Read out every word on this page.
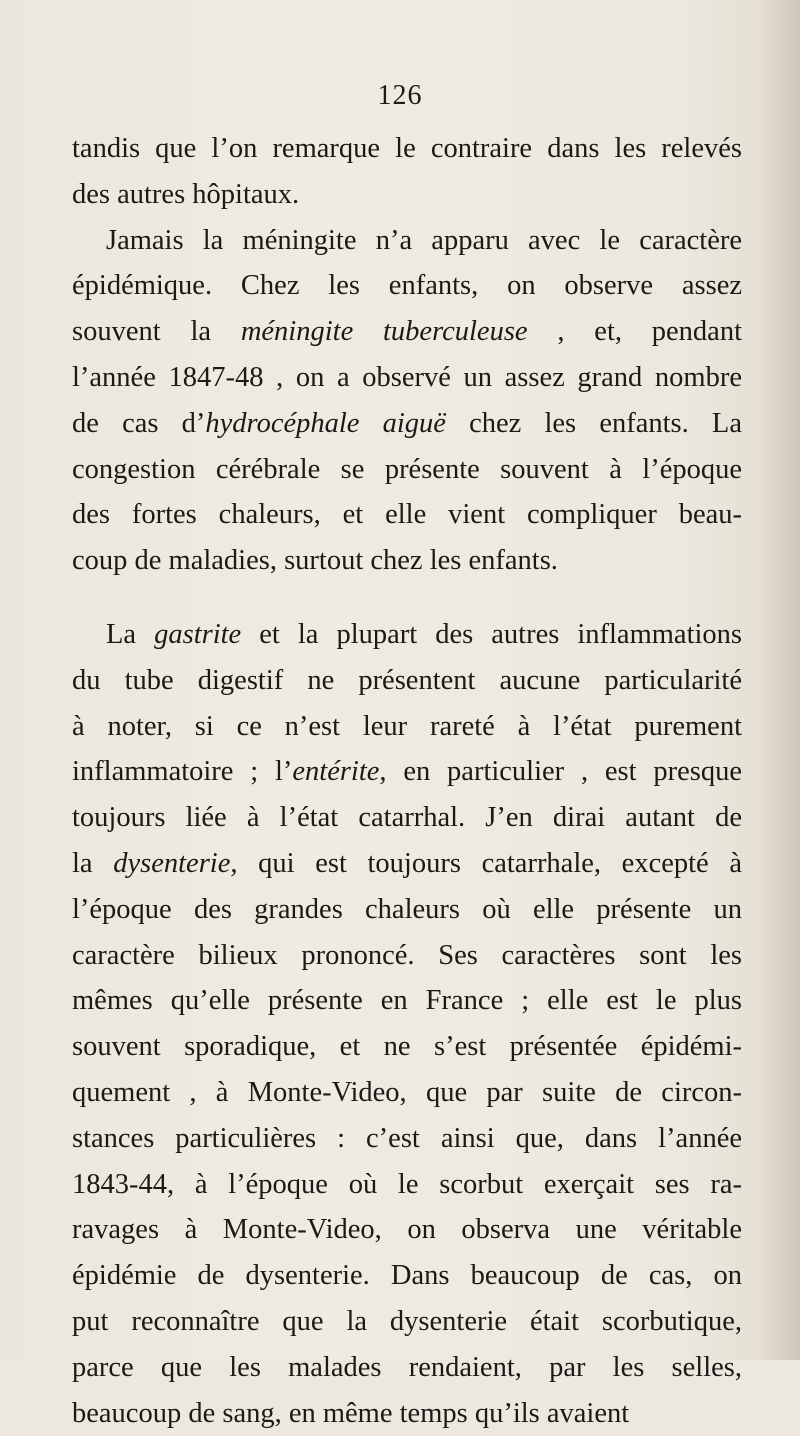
126
tandis que l’on remarque le contraire dans les relevés
des autres hôpitaux.
Jamais la méningite n’a apparu avec le caractère
épidémique. Chez les enfants, on observe assez
souvent la méningite tuberculeuse , et, pendant
l’année 1847-48 , on a observé un assez grand nombre
de cas d’hydrocéphale aiguë chez les enfants. La
congestion cérébrale se présente souvent à l’époque
des fortes chaleurs, et elle vient compliquer beau-
coup de maladies, surtout chez les enfants.
La gastrite et la plupart des autres inflammations
du tube digestif ne présentent aucune particularité
à noter, si ce n’est leur rareté à l’état purement
inflammatoire ; l’entérite, en particulier , est presque
toujours liée à l’état catarrhal. J’en dirai autant de
la dysenterie, qui est toujours catarrhale, excepté à
l’époque des grandes chaleurs où elle présente un
caractère bilieux prononcé. Ses caractères sont les
mêmes qu’elle présente en France ; elle est le plus
souvent sporadique, et ne s’est présentée épidémi-
quement , à Monte-Video, que par suite de circon-
stances particulières : c’est ainsi que, dans l’année
1843-44, à l’époque où le scorbut exerçait ses ra-
ravages à Monte-Video, on observa une véritable
épidémie de dysenterie. Dans beaucoup de cas, on
put reconnaître que la dysenterie était scorbutique,
parce que les malades rendaient, par les selles,
beaucoup de sang, en même temps qu’ils avaient
